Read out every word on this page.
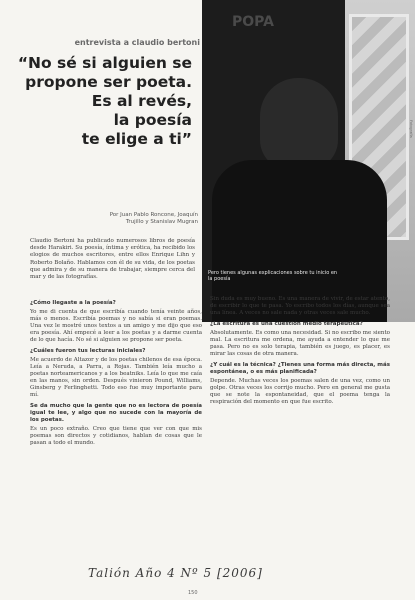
Fotografía
Pero tienes algunas explicaciones sobre tu inicio en la poesía
POPA
entrevista a claudio bertoni
“No sé si alguien se
propone ser poeta.
Es al revés,
la poesía
te elige a ti”
Por Juan Pablo Roncone, Joaquín
Trujillo y Stanislav Mugran

Claudio Bertoni ha publicado numerosos libros de poesía desde Harakiri. Su poesía, íntima y erótica, ha recibido los elogios de muchos escritores, entre ellos Enrique Lihn y Roberto Bolaño. Hablamos con él de su vida, de los poetas que admira y de su manera de trabajar, siempre cerca del mar y de las fotografías.

¿Cómo llegaste a la poesía?

Yo me di cuenta de que escribía cuando tenía veinte años, más o menos. Escribía poemas y no sabía si eran poemas. Una vez le mostré unos textos a un amigo y me dijo que eso era poesía. Ahí empecé a leer a los poetas y a darme cuenta de lo que hacía. No sé si alguien se propone ser poeta.

¿Cuáles fueron tus lecturas iniciales?

Me acuerdo de Altazor y de los poetas chilenos de esa época. Leía a Neruda, a Parra, a Rojas. También leía mucho a poetas norteamericanos y a los beatniks. Leía lo que me caía en las manos, sin orden. Después vinieron Pound, Williams, Ginsberg y Ferlinghetti. Todo eso fue muy importante para mí.

Se da mucho que la gente que no es lectora de poesía igual te lee, y algo que no sucede con la mayoría de los poetas.

Es un poco extraño. Creo que tiene que ver con que mis poemas son directos y cotidianos, hablan de cosas que le pasan a todo el mundo.

Sin duda es muy bueno. Es una manera de vivir, de estar atento, de escribir lo que te pasa. Yo escribo todos los días, aunque sea una línea. A veces no sale nada y otras veces sale mucho.

¿La escritura es una cuestión medio terapéutica?

Absolutamente. Es como una necesidad. Si no escribo me siento mal. La escritura me ordena, me ayuda a entender lo que me pasa. Pero no es solo terapia, también es juego, es placer, es mirar las cosas de otra manera.

¿Y cuál es la técnica? ¿Tienes una forma más directa, más espontánea, o es más planificada?

Depende. Muchas veces los poemas salen de una vez, como un golpe. Otras veces los corrijo mucho. Pero en general me gusta que se note la espontaneidad, que el poema tenga la respiración del momento en que fue escrito.

Talión Año 4 Nº 5 [2006]
150
